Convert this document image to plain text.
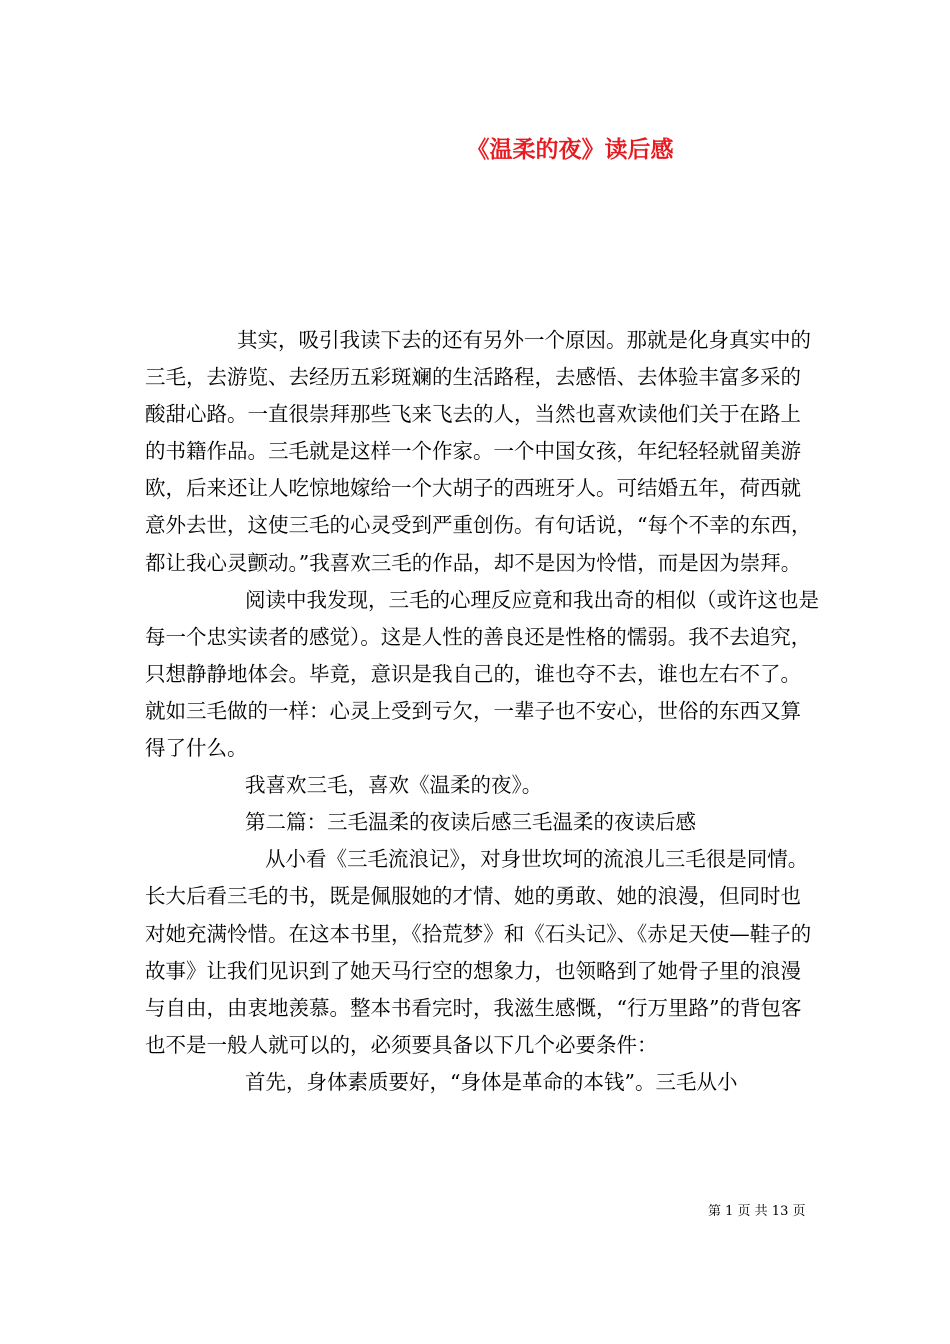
《温柔的夜》读后感

其实，吸引我读下去的还有另外一个原因。那就是化身真实中的三毛，去游览、去经历五彩斑斓的生活路程，去感悟、去体验丰富多采的酸甜心路。一直很崇拜那些飞来飞去的人，当然也喜欢读他们关于在路上的书籍作品。三毛就是这样一个作家。一个中国女孩，年纪轻轻就留美游欧，后来还让人吃惊地嫁给一个大胡子的西班牙人。可结婚五年，荷西就意外去世，这使三毛的心灵受到严重创伤。有句话说，“每个不幸的东西，都让我心灵颤动。”我喜欢三毛的作品，却不是因为怜惜，而是因为崇拜。

阅读中我发现，三毛的心理反应竟和我出奇的相似（或许这也是每一个忠实读者的感觉）。这是人性的善良还是性格的懦弱。我不去追究，只想静静地体会。毕竟，意识是我自己的，谁也夺不去，谁也左右不了。就如三毛做的一样：心灵上受到亏欠，一辈子也不安心，世俗的东西又算得了什么。

我喜欢三毛，喜欢《温柔的夜》。

第二篇：三毛温柔的夜读后感三毛温柔的夜读后感

从小看《三毛流浪记》，对身世坎坷的流浪儿三毛很是同情。长大后看三毛的书，既是佩服她的才情、她的勇敢、她的浪漫，但同时也对她充满怜惜。在这本书里，《拾荒梦》和《石头记》、《赤足天使—鞋子的故事》让我们见识到了她天马行空的想象力，也领略到了她骨子里的浪漫与自由，由衷地羡慕。整本书看完时，我滋生感慨，“行万里路”的背包客也不是一般人就可以的，必须要具备以下几个必要条件：

首先，身体素质要好，“身体是革命的本钱”。三毛从小

第 1 页 共 13 页
